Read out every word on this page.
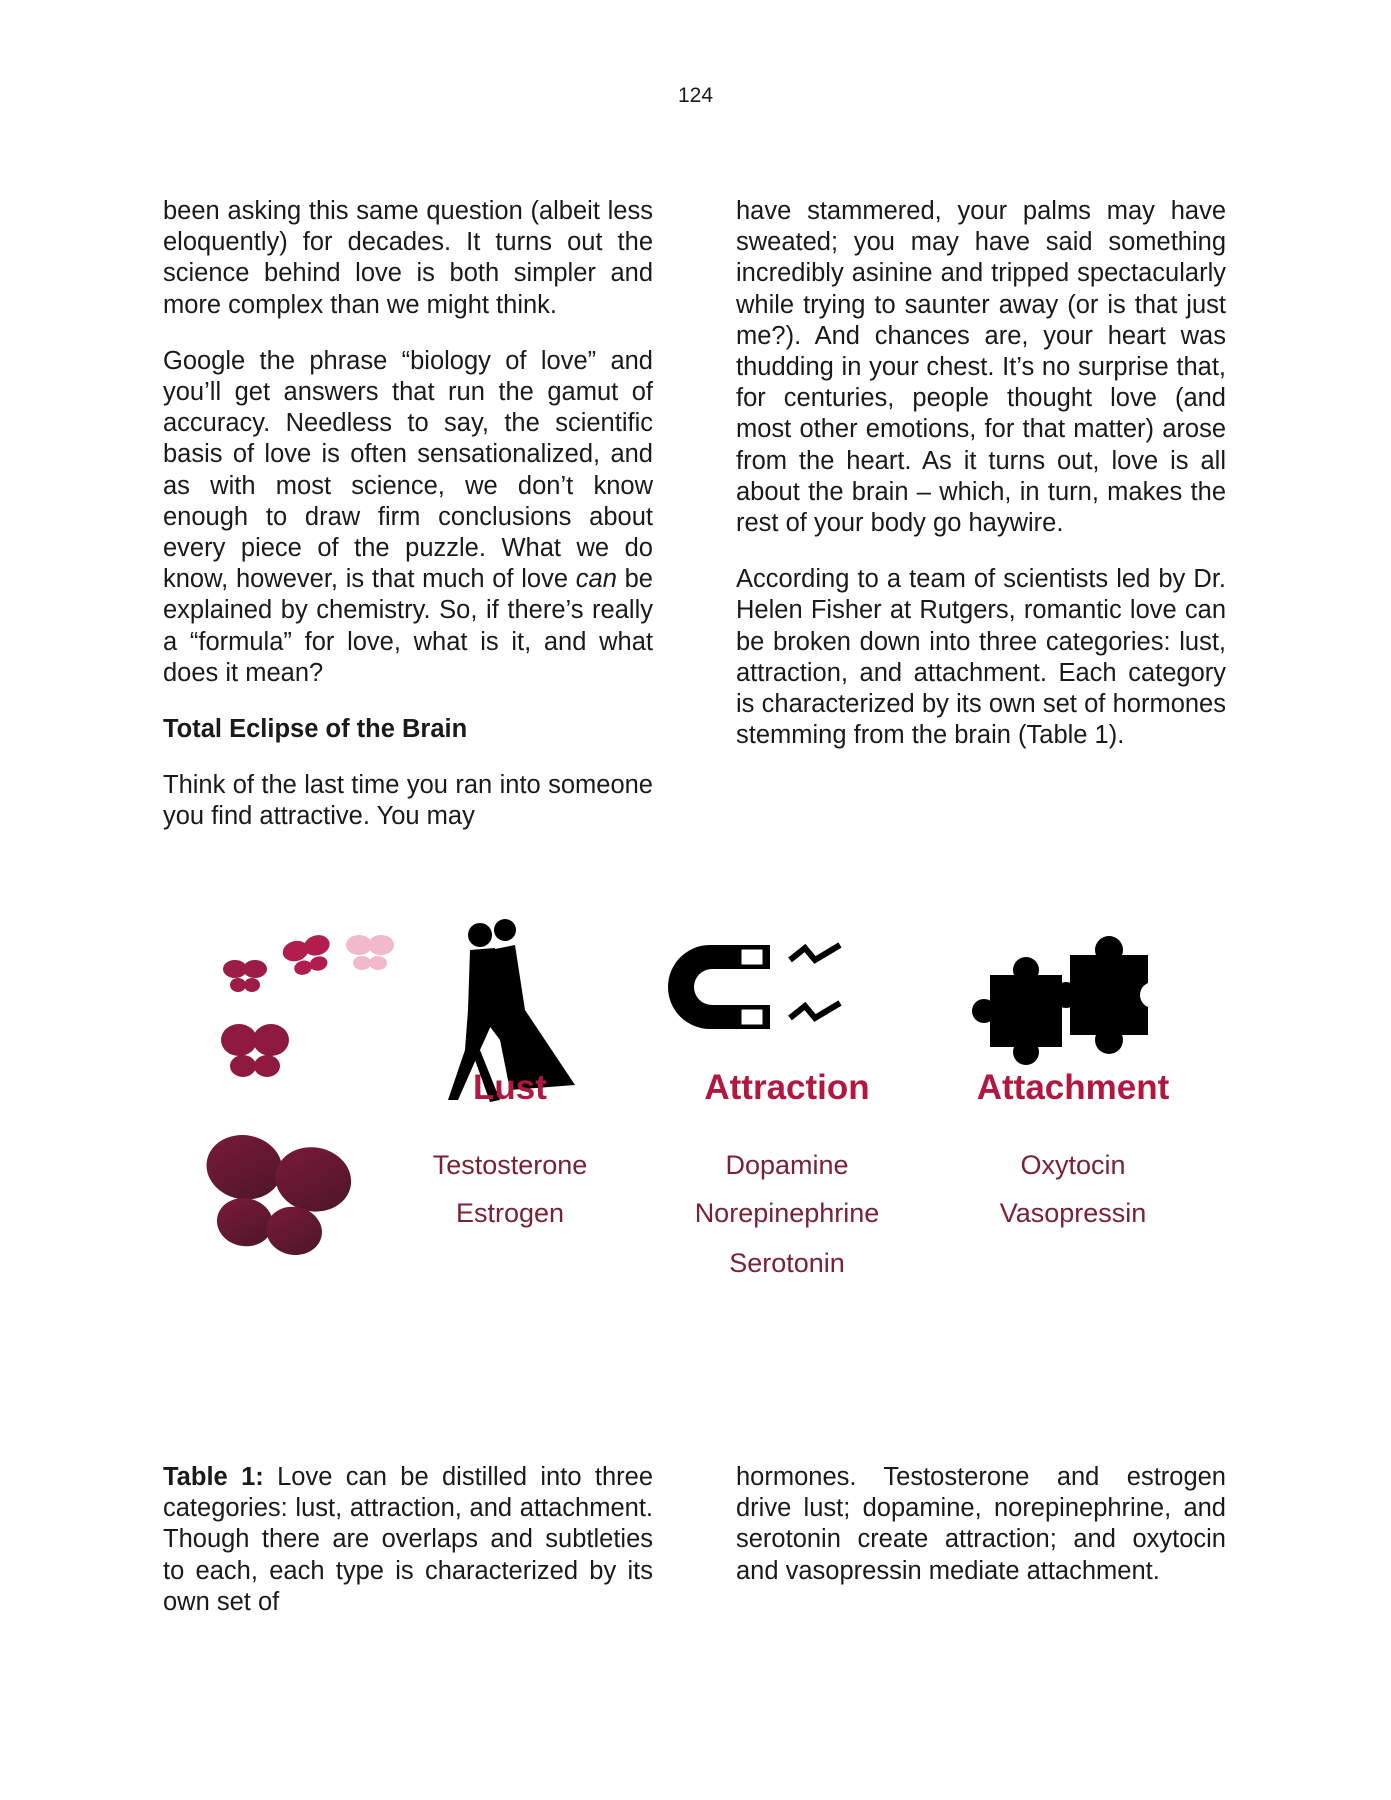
124

been asking this same question (albeit less eloquently) for decades. It turns out the science behind love is both simpler and more complex than we might think.

Google the phrase “biology of love” and you’ll get answers that run the gamut of accuracy. Needless to say, the scientific basis of love is often sensationalized, and as with most science, we don’t know enough to draw firm conclusions about every piece of the puzzle. What we do know, however, is that much of love can be explained by chemistry. So, if there’s really a “formula” for love, what is it, and what does it mean?

Total Eclipse of the Brain

Think of the last time you ran into someone you find attractive. You may

have stammered, your palms may have sweated; you may have said something incredibly asinine and tripped spectacularly while trying to saunter away (or is that just me?). And chances are, your heart was thudding in your chest. It’s no surprise that, for centuries, people thought love (and most other emotions, for that matter) arose from the heart. As it turns out, love is all about the brain – which, in turn, makes the rest of your body go haywire.

According to a team of scientists led by Dr. Helen Fisher at Rutgers, romantic love can be broken down into three categories: lust, attraction, and attachment. Each category is characterized by its own set of hormones stemming from the brain (Table 1).

Lust
Testosterone
Estrogen
Attraction
Dopamine
Norepinephrine
Serotonin
Attachment
Oxytocin
Vasopressin
Table 1: Love can be distilled into three categories: lust, attraction, and attachment. Though there are overlaps and subtleties to each, each type is characterized by its own set of
hormones. Testosterone and estrogen drive lust; dopamine, norepinephrine, and serotonin create attraction; and oxytocin and vasopressin mediate attachment.
